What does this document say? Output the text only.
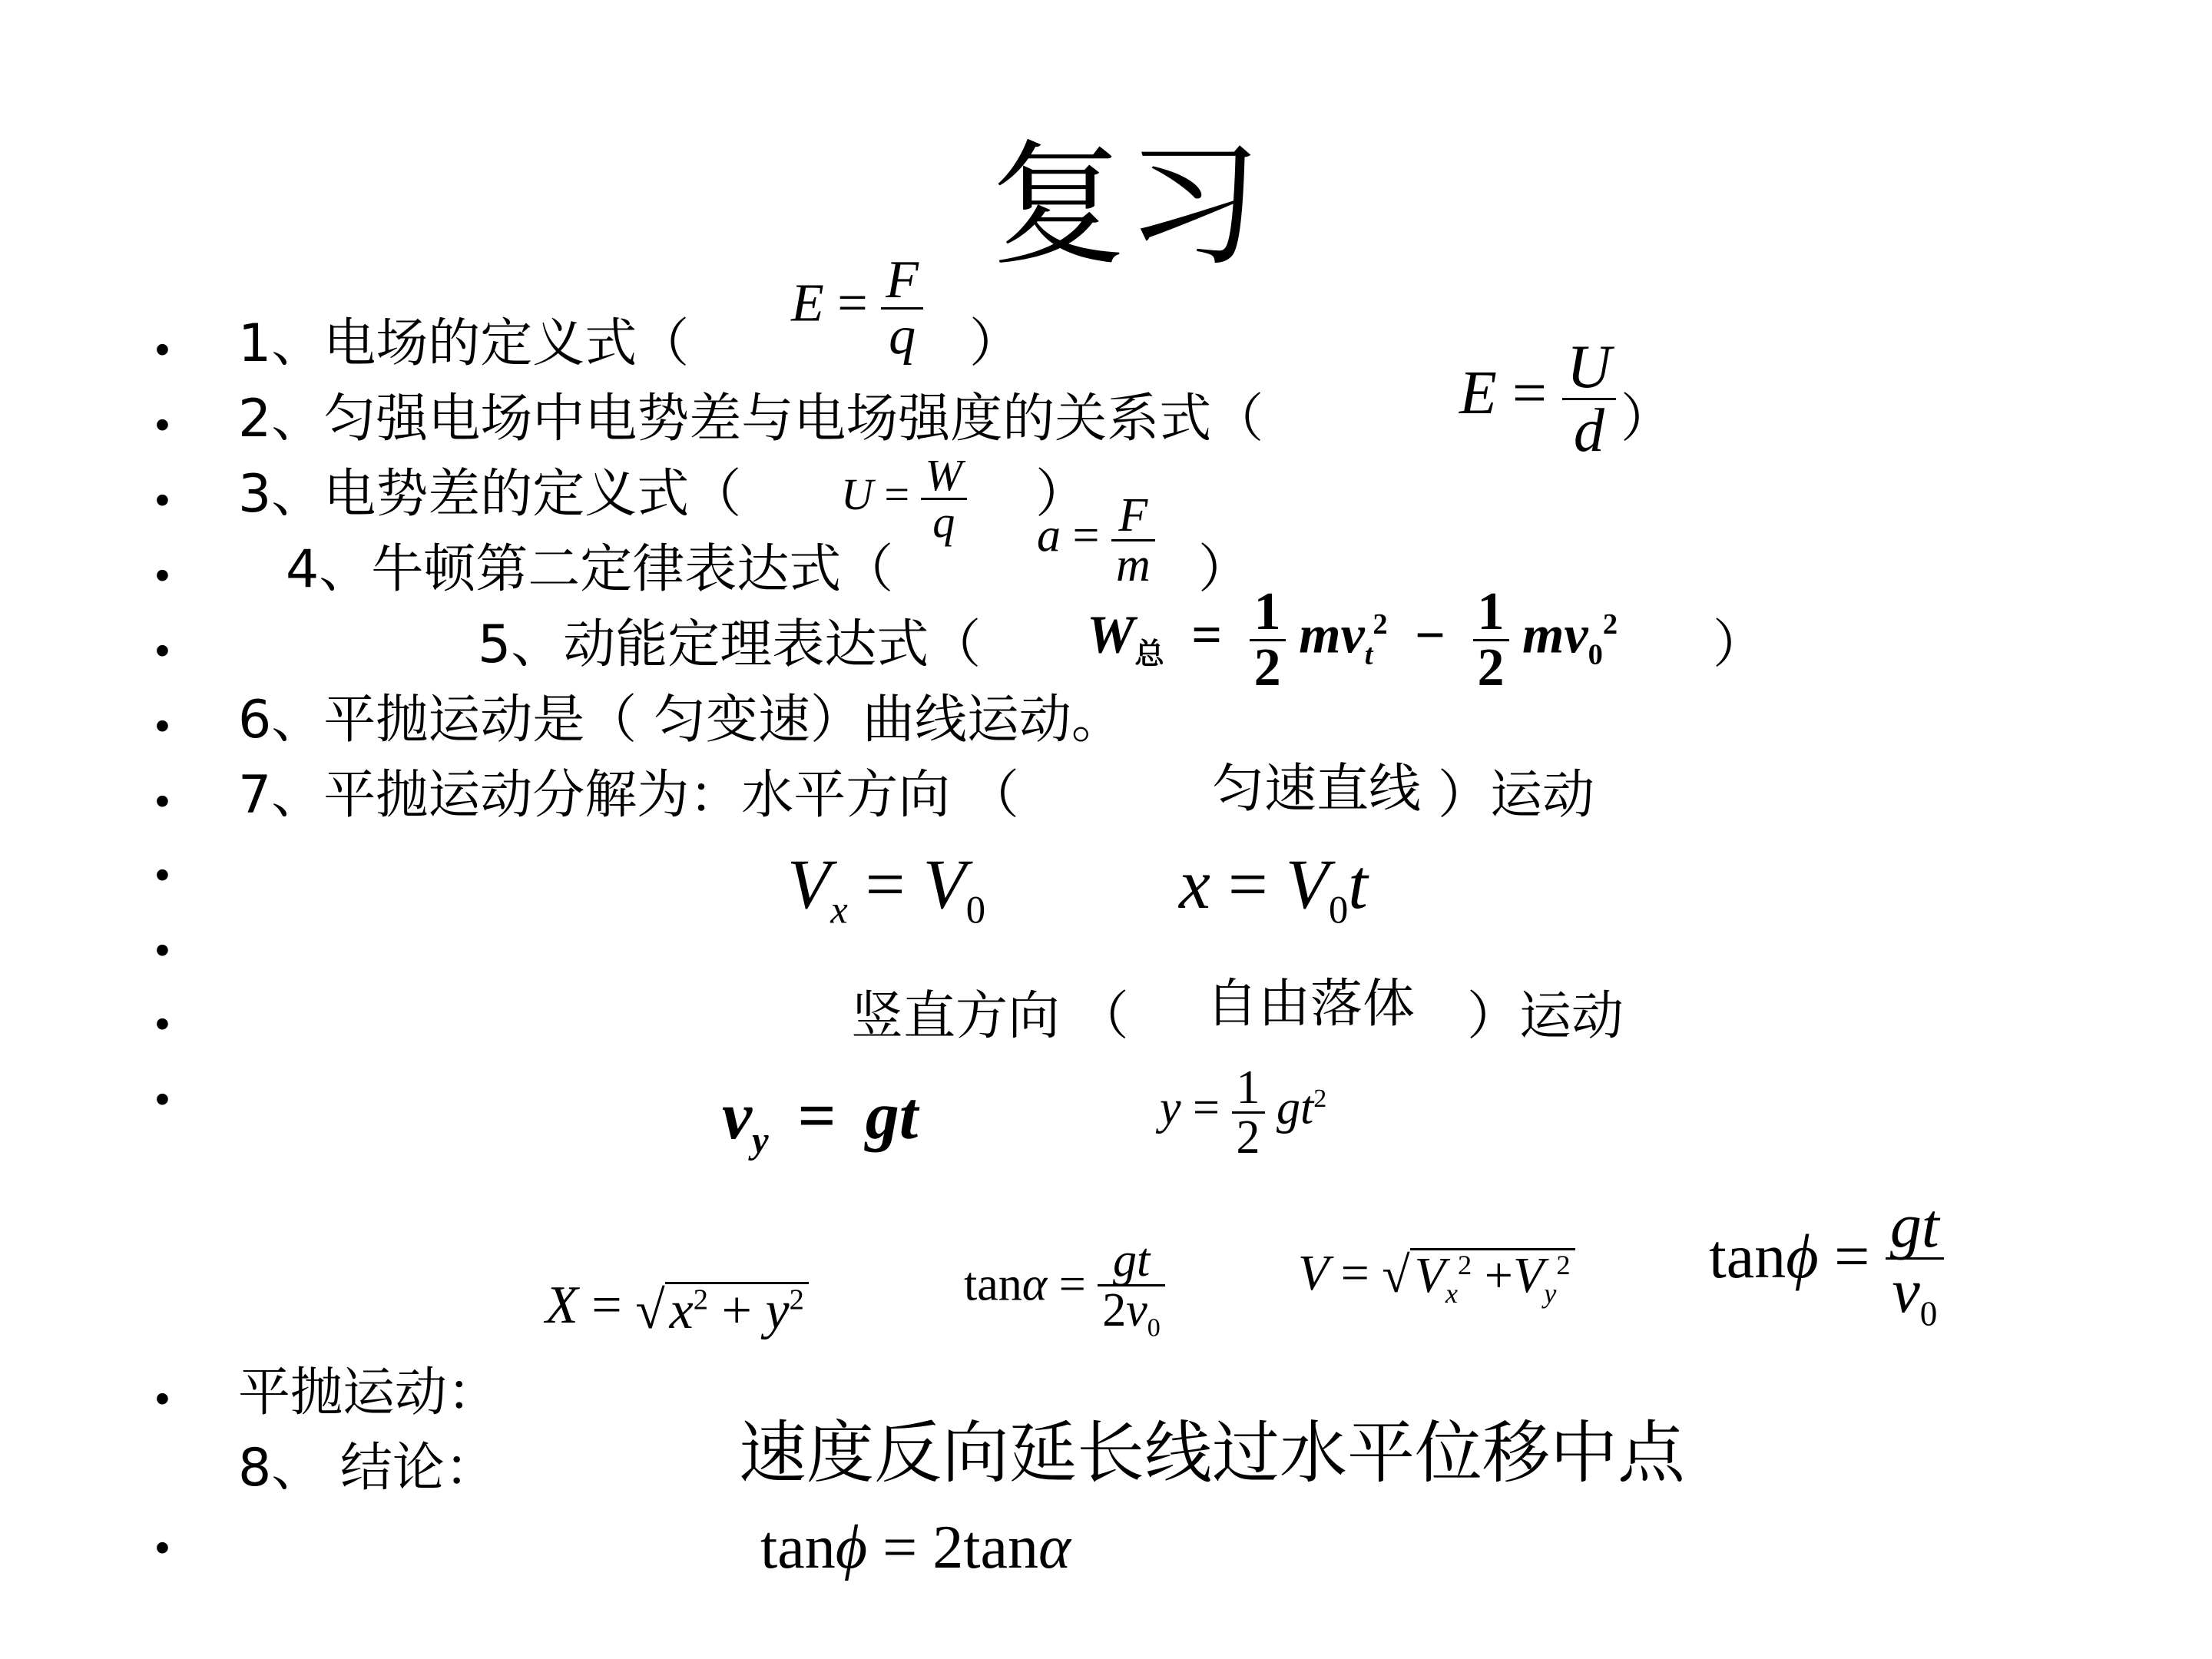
复习
•
•
•
•
•
•
•
•
•
•
•
•
•
1、电场的定义式（
$E = \frac{F}{q}$ ）
2、匀强电场中电势差与电场强度的关系式（	$E = \frac{U}{d}$ ）
3、电势差的定义式（ $U = \frac{W}{q}$ ）
4、牛顿第二定律表达式（
$a = \frac{F}{m}$ ）
5、动能定理表达式（ $W_总 = \frac{1}{2} mv_t^2 - \frac{1}{2} mv_0^2$ ）
6、平抛运动是（ 匀变速）曲线运动。
7、平抛运动分解为：水平方向 （	匀速直线 ）运动
$V_x = V_0$	$x = V_0t$
竖直方向 （ 自由落体 ）运动
$v_y$ = gt	$y = \frac{1}{2} gt^2$
$X = √x^2 + y^2$	$\tan\alpha = \frac{gt}{2v_0}$	$V = √V_x^2 +V_y^2$ $\tan\phi = \frac{gt}{v_0}$
平抛运动：
8、 结论：	速度反向延长线过水平位移中点
tanϕ = 2tanα
